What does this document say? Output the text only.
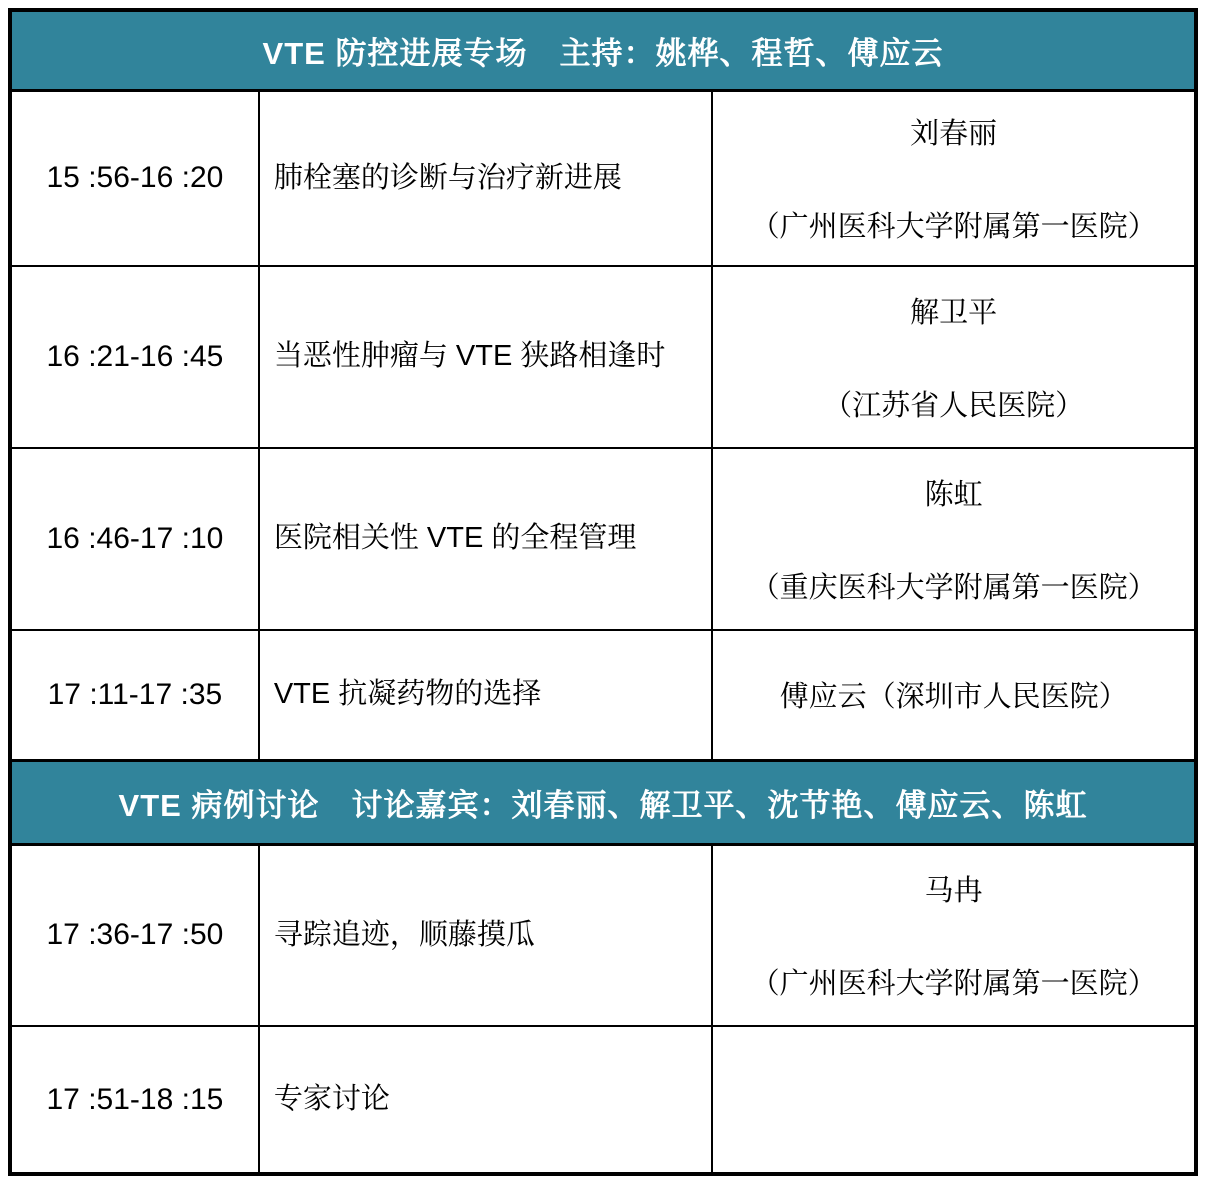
VTE 防控进展专场　主持：姚桦、程哲、傅应云		
15 :56-16 :20	肺栓塞的诊断与治疗新进展	刘春丽
（广州医科大学附属第一医院）

16 :21-16 :45	当恶性肿瘤与 VTE 狭路相逢时	解卫平
（江苏省人民医院）

16 :46-17 :10	医院相关性 VTE 的全程管理	陈虹
（重庆医科大学附属第一医院）

17 :11-17 :35	VTE 抗凝药物的选择	傅应云（深圳市人民医院）

VTE 病例讨论　讨论嘉宾：刘春丽、解卫平、沈节艳、傅应云、陈虹		
17 :36-17 :50	寻踪追迹，顺藤摸瓜	马冉
（广州医科大学附属第一医院）

17 :51-18 :15	专家讨论	
